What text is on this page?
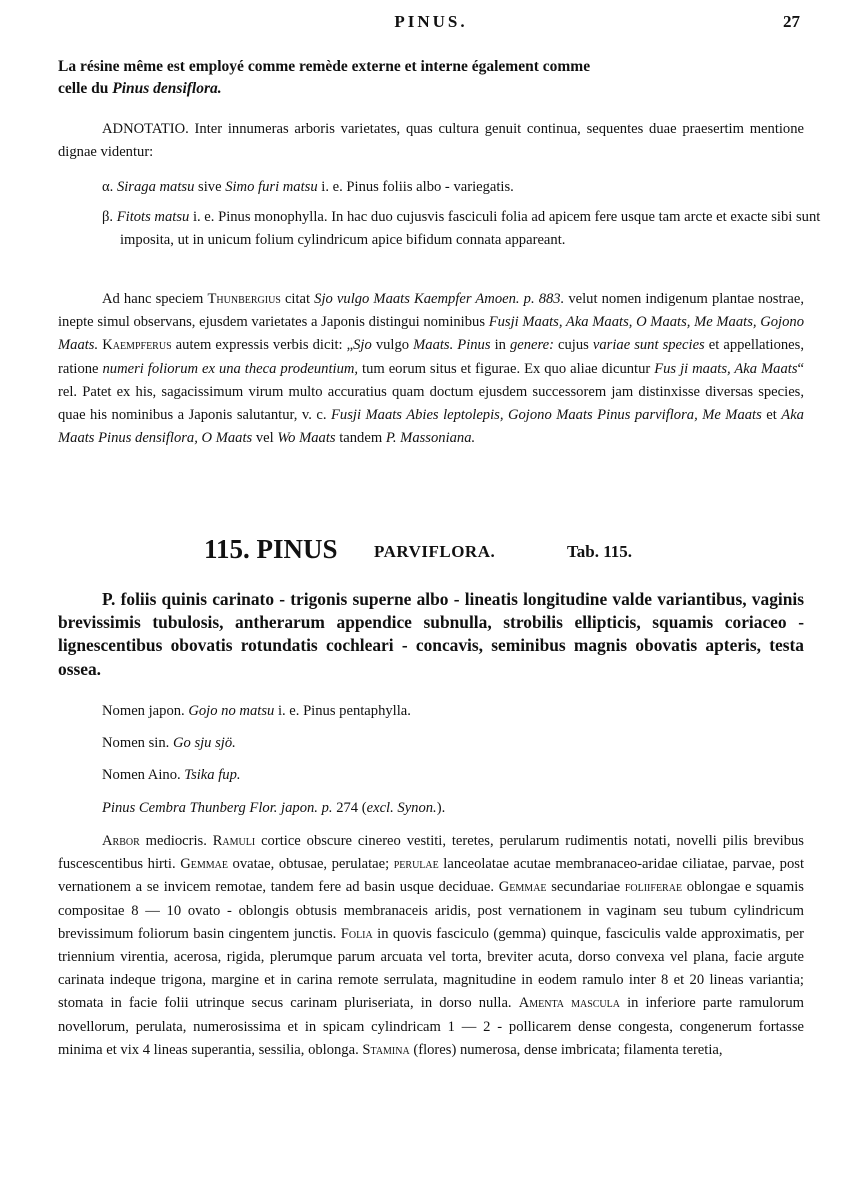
PINUS.	27
La résine même est employé comme remède externe et interne également comme
celle du Pinus densiflora.
ADNOTATIO. Inter innumeras arboris varietates, quas cultura genuit continua, sequentes duae praesertim mentione dignae videntur:
α. Siraga matsu sive Simo furi matsu i. e. Pinus foliis albo - variegatis.
β. Fitots matsu i. e. Pinus monophylla. In hac duo cujusvis fasciculi folia ad apicem fere usque tam arcte et exacte sibi sunt imposita, ut in unicum folium cylindricum apice bifidum connata appareant.
Ad hanc speciem Thunbergius citat Sjo vulgo Maats Kaempfer Amoen. p. 883. velut nomen indigenum plantae nostrae, inepte simul observans, ejusdem varietates a Japonis distingui nominibus Fusji Maats, Aka Maats, O Maats, Me Maats, Gojono Maats. Kaempferus autem expressis verbis dicit: „Sjo vulgo Maats. Pinus in genere: cujus variae sunt species et appellationes, ratione numeri foliorum ex una theca prodeuntium, tum eorum situs et figurae. Ex quo aliae dicuntur Fus ji maats, Aka Maats“ rel. Patet ex his, sagacissimum virum multo accuratius quam doctum ejusdem successorem jam distinxisse diversas species, quae his nominibus a Japonis salutantur, v. c. Fusji Maats Abies leptolepis, Gojono Maats Pinus parviflora, Me Maats et Aka Maats Pinus densiflora, O Maats vel Wo Maats tandem P. Massoniana.
115. PINUS PARVIFLORA.	Tab. 115.
P. foliis quinis carinato - trigonis superne albo - lineatis longitudine valde variantibus, vaginis brevissimis tubulosis, antherarum appendice subnulla, strobilis ellipticis, squamis coriaceo - lignescentibus obovatis rotundatis cochleari - concavis, seminibus magnis obovatis apteris, testa ossea.
Nomen japon. Gojo no matsu i. e. Pinus pentaphylla.
Nomen sin. Go sju sjö.
Nomen Aino. Tsika fup.
Pinus Cembra Thunberg Flor. japon. p. 274 (excl. Synon.).
Arbor mediocris. Ramuli cortice obscure cinereo vestiti, teretes, perularum rudimentis notati, novelli pilis brevibus fuscescentibus hirti. Gemmae ovatae, obtusae, perulatae; perulae lanceolatae acutae membranaceo-aridae ciliatae, parvae, post vernationem a se invicem remotae, tandem fere ad basin usque deciduae. Gemmae secundariae foliiferae oblongae e squamis compositae 8 — 10 ovato - oblongis obtusis membranaceis aridis, post vernationem in vaginam seu tubum cylindricum brevissimum foliorum basin cingentem junctis. Folia in quovis fasciculo (gemma) quinque, fasciculis valde approximatis, per triennium virentia, acerosa, rigida, plerumque parum arcuata vel torta, breviter acuta, dorso convexa vel plana, facie argute carinata indeque trigona, margine et in carina remote serrulata, magnitudine in eodem ramulo inter 8 et 20 lineas variantia; stomata in facie folii utrinque secus carinam pluriseriata, in dorso nulla. Amenta mascula in inferiore parte ramulorum novellorum, perulata, numerosissima et in spicam cylindricam 1 — 2 - pollicarem dense congesta, congenerum fortasse minima et vix 4 lineas superantia, sessilia, oblonga. Stamina (flores) numerosa, dense imbricata; filamenta teretia,
